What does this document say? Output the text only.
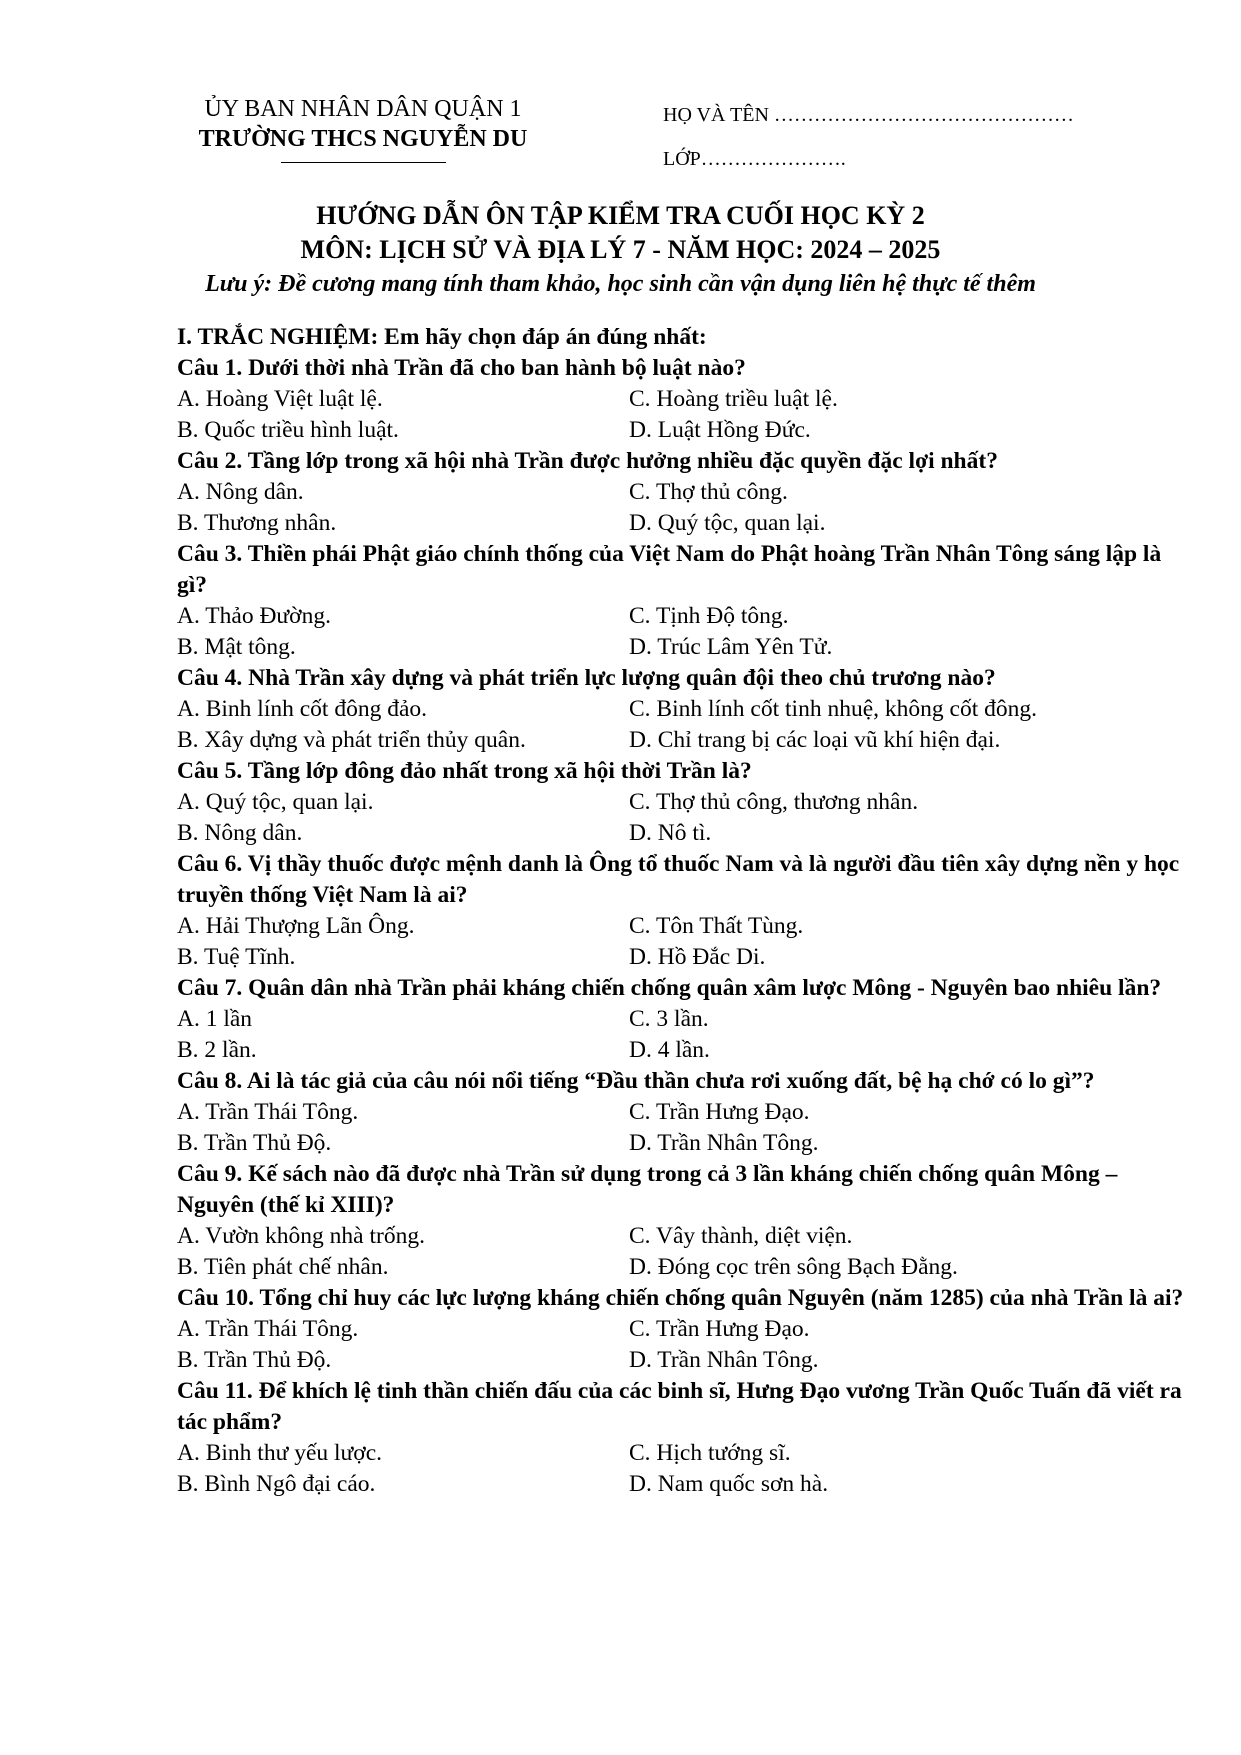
ỦY BAN NHÂN DÂN QUẬN 1
TRƯỜNG THCS NGUYỄN DU
HỌ VÀ TÊN ………………………………………
LỚP………………….
HƯỚNG DẪN ÔN TẬP KIỂM TRA CUỐI HỌC KỲ 2
MÔN: LỊCH SỬ VÀ ĐỊA LÝ 7 - NĂM HỌC: 2024 – 2025
Lưu ý: Đề cương mang tính tham khảo, học sinh cần vận dụng liên hệ thực tế thêm
I. TRẮC NGHIỆM: Em hãy chọn đáp án đúng nhất:
Câu 1. Dưới thời nhà Trần đã cho ban hành bộ luật nào?
A. Hoàng Việt luật lệ.	C. Hoàng triều luật lệ.
B. Quốc triều hình luật.	D. Luật Hồng Đức.
Câu 2. Tầng lớp trong xã hội nhà Trần được hưởng nhiều đặc quyền đặc lợi nhất?
A. Nông dân.	C. Thợ thủ công.
B. Thương nhân.	D. Quý tộc, quan lại.
Câu 3. Thiền phái Phật giáo chính thống của Việt Nam do Phật hoàng Trần Nhân Tông sáng lập là gì?
A. Thảo Đường.	C. Tịnh Độ tông.
B. Mật tông.	D. Trúc Lâm Yên Tử.
Câu 4. Nhà Trần xây dựng và phát triển lực lượng quân đội theo chủ trương nào?
A. Binh lính cốt đông đảo.	C. Binh lính cốt tinh nhuệ, không cốt đông.
B. Xây dựng và phát triển thủy quân.	D. Chỉ trang bị các loại vũ khí hiện đại.
Câu 5. Tầng lớp đông đảo nhất trong xã hội thời Trần là?
A. Quý tộc, quan lại.	C. Thợ thủ công, thương nhân.
B. Nông dân.	D. Nô tì.
Câu 6. Vị thầy thuốc được mệnh danh là Ông tổ thuốc Nam và là người đầu tiên xây dựng nền y học truyền thống Việt Nam là ai?
A. Hải Thượng Lãn Ông.	C. Tôn Thất Tùng.
B. Tuệ Tĩnh.	D. Hồ Đắc Di.
Câu 7. Quân dân nhà Trần phải kháng chiến chống quân xâm lược Mông - Nguyên bao nhiêu lần?
A. 1 lần	C. 3 lần.
B. 2 lần.	D. 4 lần.
Câu 8. Ai là tác giả của câu nói nổi tiếng “Đầu thần chưa rơi xuống đất, bệ hạ chớ có lo gì”?
A. Trần Thái Tông.	C. Trần Hưng Đạo.
B. Trần Thủ Độ.	D. Trần Nhân Tông.
Câu 9. Kế sách nào đã được nhà Trần sử dụng trong cả 3 lần kháng chiến chống quân Mông – Nguyên (thế kỉ XIII)?
A. Vườn không nhà trống.	C. Vây thành, diệt viện.
B. Tiên phát chế nhân.	D. Đóng cọc trên sông Bạch Đằng.
Câu 10. Tổng chỉ huy các lực lượng kháng chiến chống quân Nguyên (năm 1285) của nhà Trần là ai?
A. Trần Thái Tông.	C. Trần Hưng Đạo.
B. Trần Thủ Độ.	D. Trần Nhân Tông.
Câu 11. Để khích lệ tinh thần chiến đấu của các binh sĩ, Hưng Đạo vương Trần Quốc Tuấn đã viết ra tác phẩm?
A. Binh thư yếu lược.	C. Hịch tướng sĩ.
B. Bình Ngô đại cáo.	D. Nam quốc sơn hà.
